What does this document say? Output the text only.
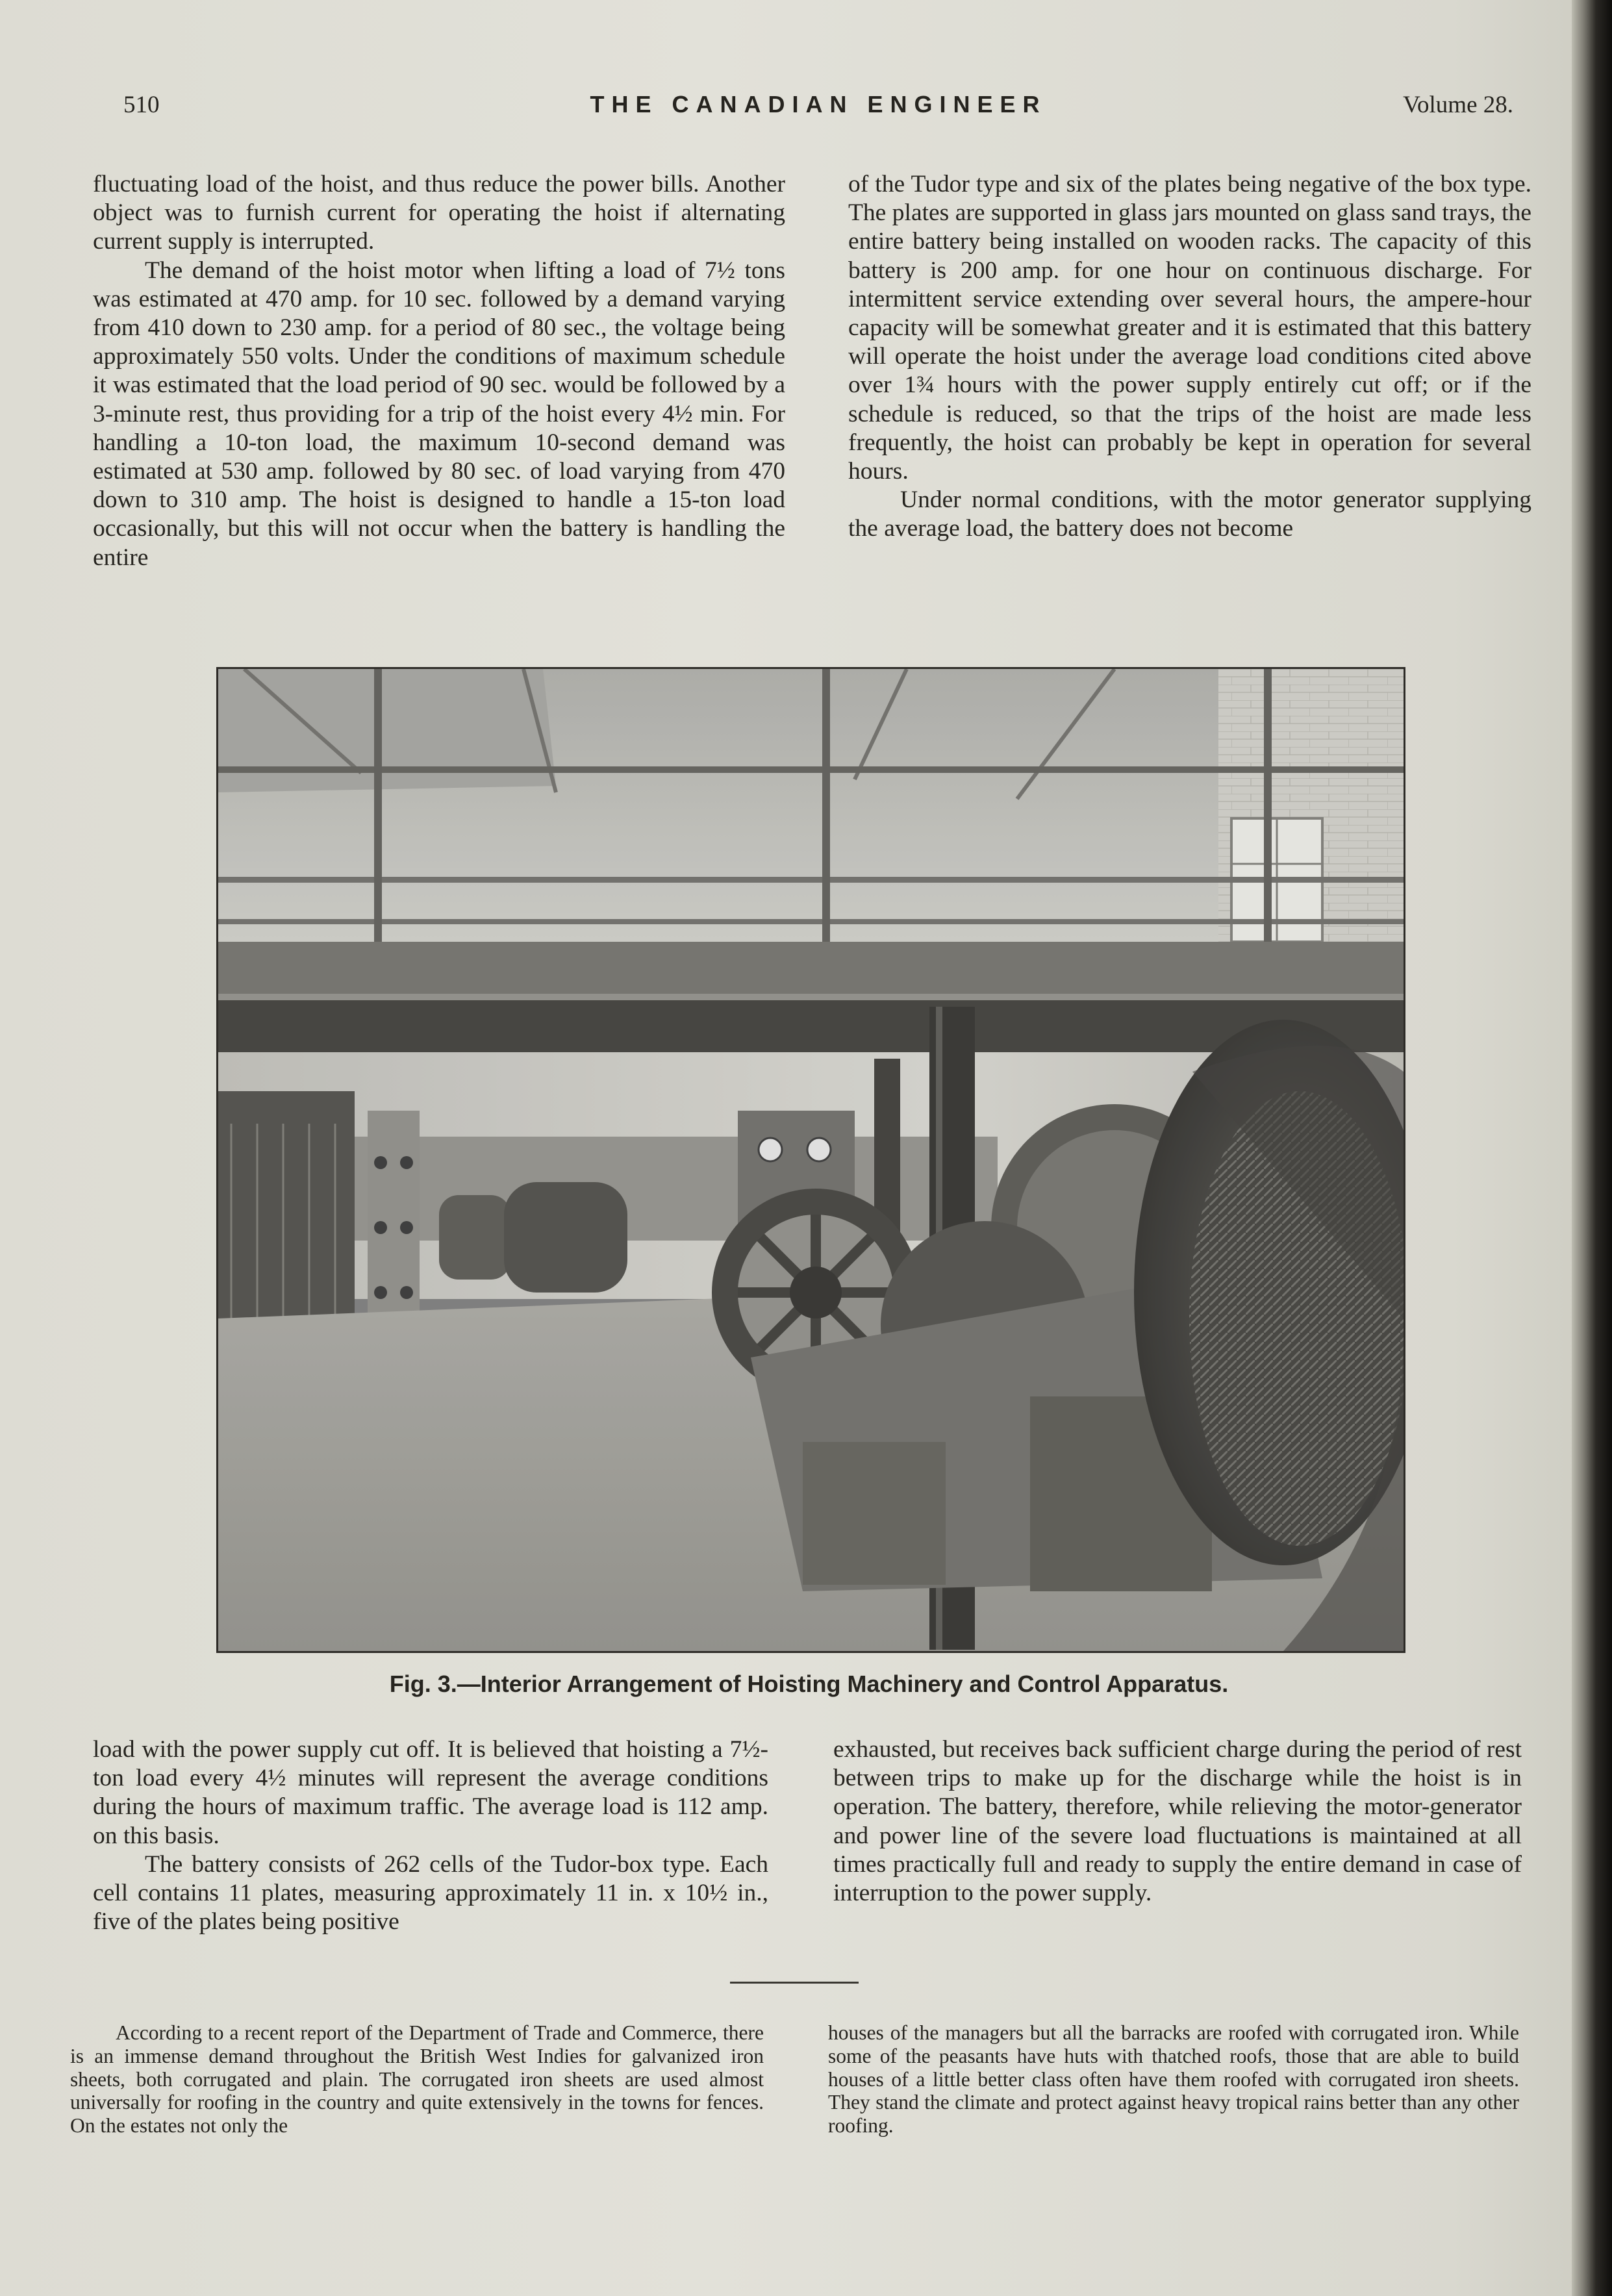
510	THE CANADIAN ENGINEER	Volume 28.

fluctuating load of the hoist, and thus reduce the power bills. Another object was to furnish current for operating the hoist if alternating current supply is interrupted.

The demand of the hoist motor when lifting a load of 7½ tons was estimated at 470 amp. for 10 sec. followed by a demand varying from 410 down to 230 amp. for a period of 80 sec., the voltage being approximately 550 volts. Under the conditions of maximum schedule it was estimated that the load period of 90 sec. would be followed by a 3-minute rest, thus providing for a trip of the hoist every 4½ min. For handling a 10-ton load, the maximum 10-second demand was estimated at 530 amp. followed by 80 sec. of load varying from 470 down to 310 amp. The hoist is designed to handle a 15-ton load occasionally, but this will not occur when the battery is handling the entire

of the Tudor type and six of the plates being negative of the box type. The plates are supported in glass jars mounted on glass sand trays, the entire battery being installed on wooden racks. The capacity of this battery is 200 amp. for one hour on continuous discharge. For intermittent service extending over several hours, the ampere-hour capacity will be somewhat greater and it is estimated that this battery will operate the hoist under the average load conditions cited above over 1¾ hours with the power supply entirely cut off; or if the schedule is reduced, so that the trips of the hoist are made less frequently, the hoist can probably be kept in operation for several hours.

Under normal conditions, with the motor generator supplying the average load, the battery does not become

Fig. 3.—Interior Arrangement of Hoisting Machinery and Control Apparatus.

load with the power supply cut off. It is believed that hoisting a 7½-ton load every 4½ minutes will represent the average conditions during the hours of maximum traffic. The average load is 112 amp. on this basis.

The battery consists of 262 cells of the Tudor-box type. Each cell contains 11 plates, measuring approximately 11 in. x 10½ in., five of the plates being positive

exhausted, but receives back sufficient charge during the period of rest between trips to make up for the discharge while the hoist is in operation. The battery, therefore, while relieving the motor-generator and power line of the severe load fluctuations is maintained at all times practically full and ready to supply the entire demand in case of interruption to the power supply.

According to a recent report of the Department of Trade and Commerce, there is an immense demand throughout the British West Indies for galvanized iron sheets, both corrugated and plain. The corrugated iron sheets are used almost universally for roofing in the country and quite extensively in the towns for fences. On the estates not only the

houses of the managers but all the barracks are roofed with corrugated iron. While some of the peasants have huts with thatched roofs, those that are able to build houses of a little better class often have them roofed with corrugated iron sheets. They stand the climate and protect against heavy tropical rains better than any other roofing.
